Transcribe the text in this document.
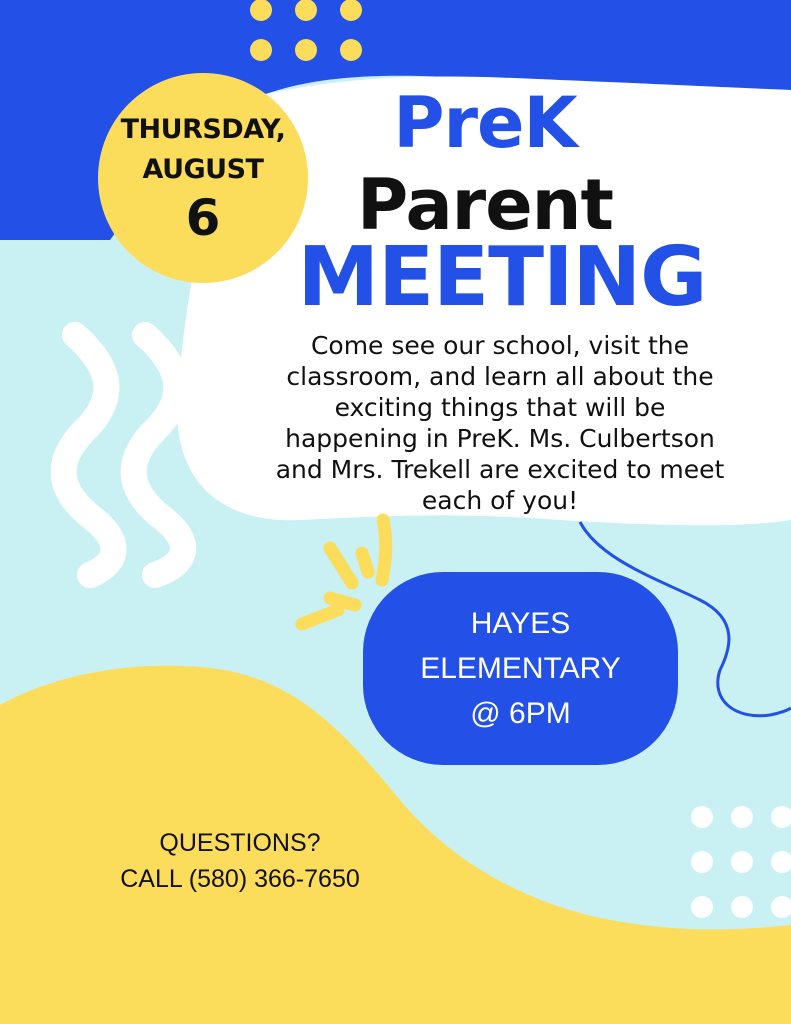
THURSDAY,
AUGUST
6
PreK
Parent
MEETING
Come see our school, visit the
classroom, and learn all about the
exciting things that will be
happening in PreK. Ms. Culbertson
and Mrs. Trekell are excited to meet
each of you!
HAYES
ELEMENTARY
@ 6PM
QUESTIONS?
CALL (580) 366-7650
